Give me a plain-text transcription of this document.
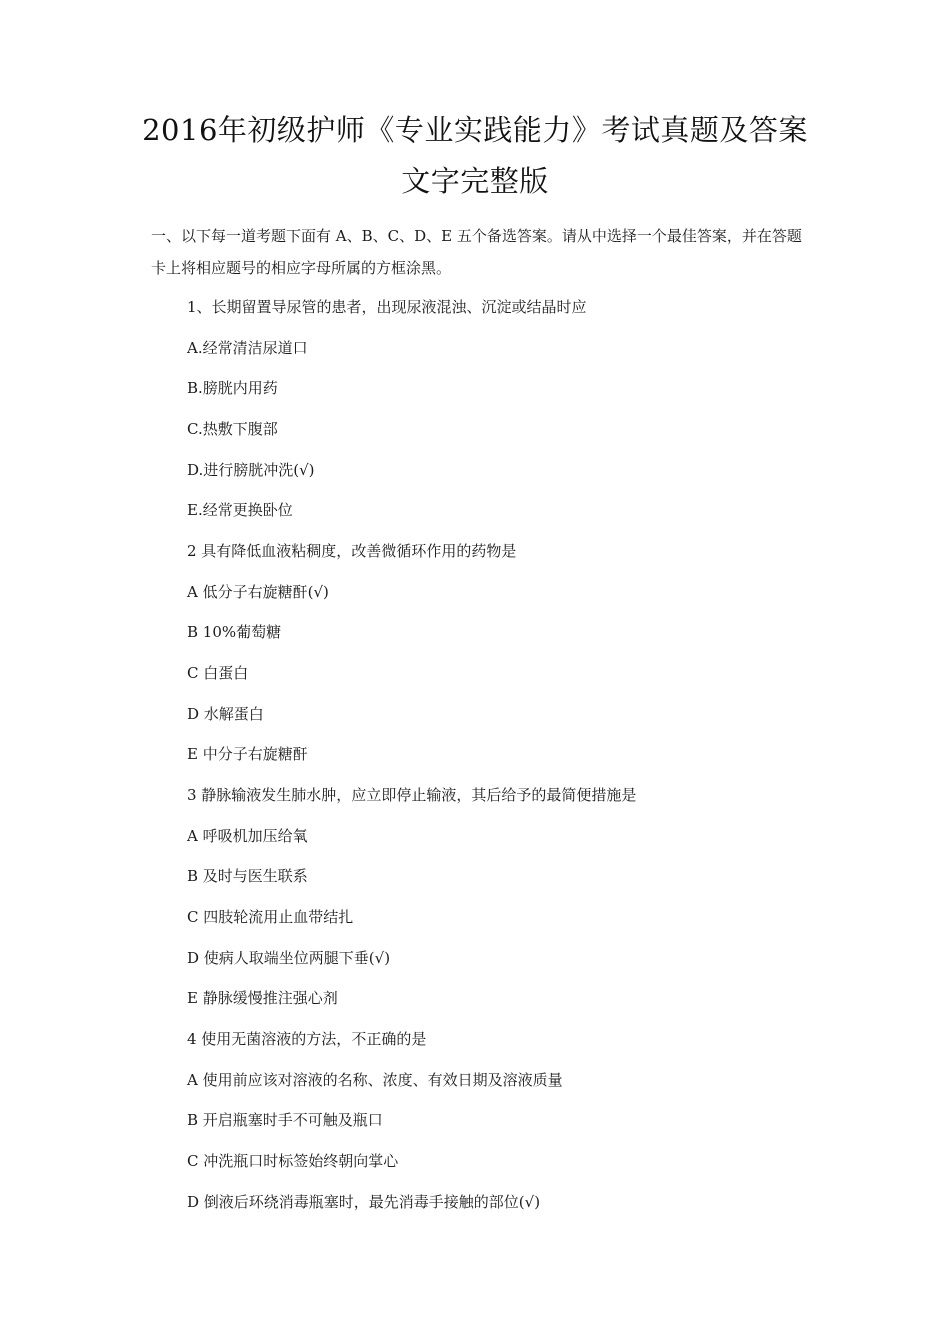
2016年初级护师《专业实践能力》考试真题及答案
文字完整版

一、以下每一道考题下面有 A、B、C、D、E 五个备选答案。请从中选择一个最佳答案，并在答题卡上将相应题号的相应字母所属的方框涂黑。

1、长期留置导尿管的患者，出现尿液混浊、沉淀或结晶时应

A.经常清洁尿道口

B.膀胱内用药

C.热敷下腹部

D.进行膀胱冲洗(√)

E.经常更换卧位

2 具有降低血液粘稠度，改善微循环作用的药物是

A 低分子右旋糖酐(√)

B 10%葡萄糖

C 白蛋白

D 水解蛋白

E 中分子右旋糖酐

3 静脉输液发生肺水肿，应立即停止输液，其后给予的最简便措施是

A 呼吸机加压给氧

B 及时与医生联系

C 四肢轮流用止血带结扎

D 使病人取端坐位两腿下垂(√)

E 静脉缓慢推注强心剂

4 使用无菌溶液的方法，不正确的是

A 使用前应该对溶液的名称、浓度、有效日期及溶液质量

B 开启瓶塞时手不可触及瓶口

C 冲洗瓶口时标签始终朝向掌心

D 倒液后环绕消毒瓶塞时，最先消毒手接触的部位(√)
